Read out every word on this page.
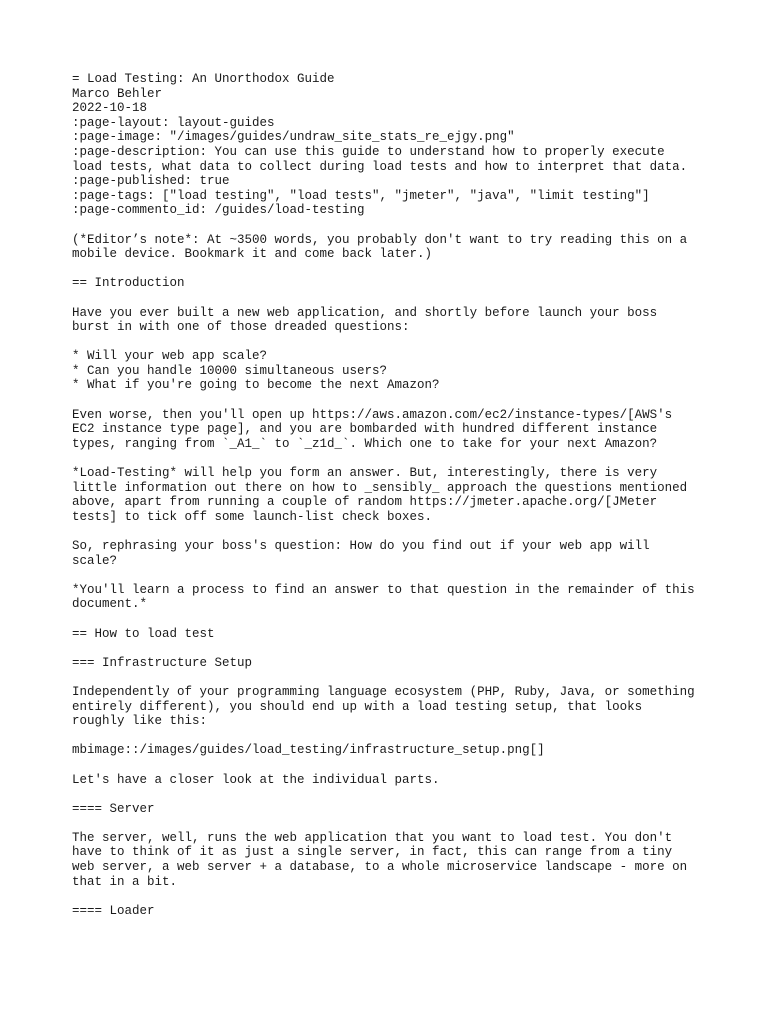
= Load Testing: An Unorthodox Guide
Marco Behler
2022-10-18
:page-layout: layout-guides
:page-image: "/images/guides/undraw_site_stats_re_ejgy.png"
:page-description: You can use this guide to understand how to properly execute
load tests, what data to collect during load tests and how to interpret that data.
:page-published: true
:page-tags: ["load testing", "load tests", "jmeter", "java", "limit testing"]
:page-commento_id: /guides/load-testing
(*Editor’s note*: At ~3500 words, you probably don't want to try reading this on a
mobile device. Bookmark it and come back later.)
== Introduction
Have you ever built a new web application, and shortly before launch your boss
burst in with one of those dreaded questions:
* Will your web app scale?
* Can you handle 10000 simultaneous users?
* What if you're going to become the next Amazon?
Even worse, then you'll open up https://aws.amazon.com/ec2/instance-types/[AWS's
EC2 instance type page], and you are bombarded with hundred different instance
types, ranging from `_A1_` to `_z1d_`. Which one to take for your next Amazon?
*Load-Testing* will help you form an answer. But, interestingly, there is very
little information out there on how to _sensibly_ approach the questions mentioned
above, apart from running a couple of random https://jmeter.apache.org/[JMeter
tests] to tick off some launch-list check boxes.
So, rephrasing your boss's question: How do you find out if your web app will
scale?
*You'll learn a process to find an answer to that question in the remainder of this
document.*
== How to load test
=== Infrastructure Setup
Independently of your programming language ecosystem (PHP, Ruby, Java, or something
entirely different), you should end up with a load testing setup, that looks
roughly like this:
mbimage::/images/guides/load_testing/infrastructure_setup.png[]
Let's have a closer look at the individual parts.
==== Server
The server, well, runs the web application that you want to load test. You don't
have to think of it as just a single server, in fact, this can range from a tiny
web server, a web server + a database, to a whole microservice landscape - more on
that in a bit.
==== Loader
